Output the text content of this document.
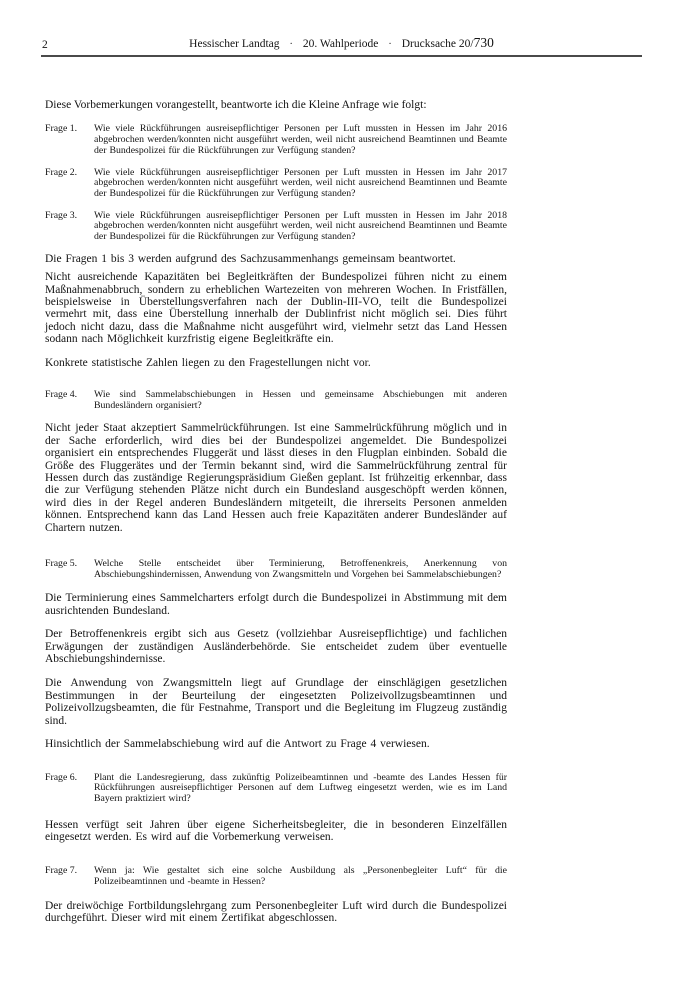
2	Hessischer Landtag · 20. Wahlperiode · Drucksache 20/ 730

Diese Vorbemerkungen vorangestellt, beantworte ich die Kleine Anfrage wie folgt:

Frage 1. Wie viele Rückführungen ausreisepflichtiger Personen per Luft mussten in Hessen im Jahr 2016 abgebrochen werden/konnten nicht ausgeführt werden, weil nicht ausreichend Beamtinnen und Beamte der Bundespolizei für die Rückführungen zur Verfügung standen?
Frage 2. Wie viele Rückführungen ausreisepflichtiger Personen per Luft mussten in Hessen im Jahr 2017 abgebrochen werden/konnten nicht ausgeführt werden, weil nicht ausreichend Beamtinnen und Beamte der Bundespolizei für die Rückführungen zur Verfügung standen?
Frage 3. Wie viele Rückführungen ausreisepflichtiger Personen per Luft mussten in Hessen im Jahr 2018 abgebrochen werden/konnten nicht ausgeführt werden, weil nicht ausreichend Beamtinnen und Beamte der Bundespolizei für die Rückführungen zur Verfügung standen?

Die Fragen 1 bis 3 werden aufgrund des Sachzusammenhangs gemeinsam beantwortet.

Nicht ausreichende Kapazitäten bei Begleitkräften der Bundespolizei führen nicht zu einem Maßnahmenabbruch, sondern zu erheblichen Wartezeiten von mehreren Wochen. In Fristfällen, beispielsweise in Überstellungsverfahren nach der Dublin-III-VO, teilt die Bundespolizei vermehrt mit, dass eine Überstellung innerhalb der Dublinfrist nicht möglich sei. Dies führt jedoch nicht dazu, dass die Maßnahme nicht ausgeführt wird, vielmehr setzt das Land Hessen sodann nach Möglichkeit kurzfristig eigene Begleitkräfte ein.

Konkrete statistische Zahlen liegen zu den Fragestellungen nicht vor.

Frage 4. Wie sind Sammelabschiebungen in Hessen und gemeinsame Abschiebungen mit anderen Bundesländern organisiert?

Nicht jeder Staat akzeptiert Sammelrückführungen. Ist eine Sammelrückführung möglich und in der Sache erforderlich, wird dies bei der Bundespolizei angemeldet. Die Bundespolizei organisiert ein entsprechendes Fluggerät und lässt dieses in den Flugplan einbinden. Sobald die Größe des Fluggerätes und der Termin bekannt sind, wird die Sammelrückführung zentral für Hessen durch das zuständige Regierungspräsidium Gießen geplant. Ist frühzeitig erkennbar, dass die zur Verfügung stehenden Plätze nicht durch ein Bundesland ausgeschöpft werden können, wird dies in der Regel anderen Bundesländern mitgeteilt, die ihrerseits Personen anmelden können. Entsprechend kann das Land Hessen auch freie Kapazitäten anderer Bundesländer auf Chartern nutzen.

Frage 5. Welche Stelle entscheidet über Terminierung, Betroffenenkreis, Anerkennung von Abschiebungshindernissen, Anwendung von Zwangsmitteln und Vorgehen bei Sammelabschiebungen?

Die Terminierung eines Sammelcharters erfolgt durch die Bundespolizei in Abstimmung mit dem ausrichtenden Bundesland.

Der Betroffenenkreis ergibt sich aus Gesetz (vollziehbar Ausreisepflichtige) und fachlichen Erwägungen der zuständigen Ausländerbehörde. Sie entscheidet zudem über eventuelle Abschiebungshindernisse.

Die Anwendung von Zwangsmitteln liegt auf Grundlage der einschlägigen gesetzlichen Bestimmungen in der Beurteilung der eingesetzten Polizeivollzugsbeamtinnen und Polizeivollzugsbeamten, die für Festnahme, Transport und die Begleitung im Flugzeug zuständig sind.

Hinsichtlich der Sammelabschiebung wird auf die Antwort zu Frage 4 verwiesen.

Frage 6. Plant die Landesregierung, dass zukünftig Polizeibeamtinnen und -beamte des Landes Hessen für Rückführungen ausreisepflichtiger Personen auf dem Luftweg eingesetzt werden, wie es im Land Bayern praktiziert wird?

Hessen verfügt seit Jahren über eigene Sicherheitsbegleiter, die in besonderen Einzelfällen eingesetzt werden. Es wird auf die Vorbemerkung verweisen.

Frage 7. Wenn ja: Wie gestaltet sich eine solche Ausbildung als „Personenbegleiter Luft“ für die Polizeibeamtinnen und -beamte in Hessen?

Der dreiwöchige Fortbildungslehrgang zum Personenbegleiter Luft wird durch die Bundespolizei durchgeführt. Dieser wird mit einem Zertifikat abgeschlossen.
